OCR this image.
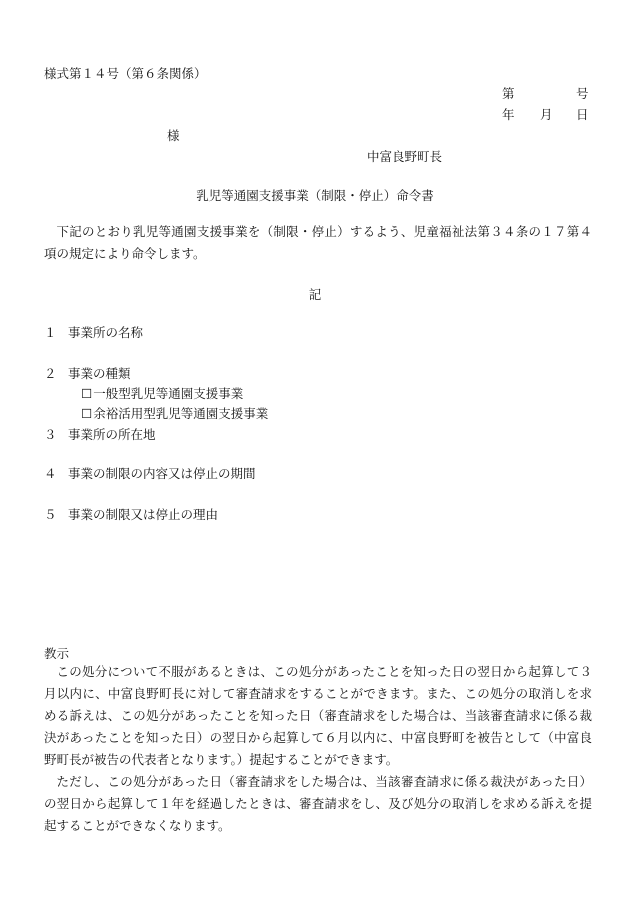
様式第１４号（第６条関係）
第	号
年 月 日
様
中富良野町長
乳児等通園支援事業（制限・停止）命令書

下記のとおり乳児等通園支援事業を（制限・停止）するよう、児童福祉法第３４条の１７第４項の規定により命令します。

記
１ 事業所の名称
２ 事業の種類
☐一般型乳児等通園支援事業
☐余裕活用型乳児等通園支援事業
３ 事業所の所在地
４ 事業の制限の内容又は停止の期間
５ 事業の制限又は停止の理由
教示

この処分について不服があるときは、この処分があったことを知った日の翌日から起算して３月以内に、中富良野町長に対して審査請求をすることができます。また、この処分の取消しを求める訴えは、この処分があったことを知った日（審査請求をした場合は、当該審査請求に係る裁決があったことを知った日）の翌日から起算して６月以内に、中富良野町を被告として（中富良野町長が被告の代表者となります。）提起することができます。

ただし、この処分があった日（審査請求をした場合は、当該審査請求に係る裁決があった日）の翌日から起算して１年を経過したときは、審査請求をし、及び処分の取消しを求める訴えを提起することができなくなります。
